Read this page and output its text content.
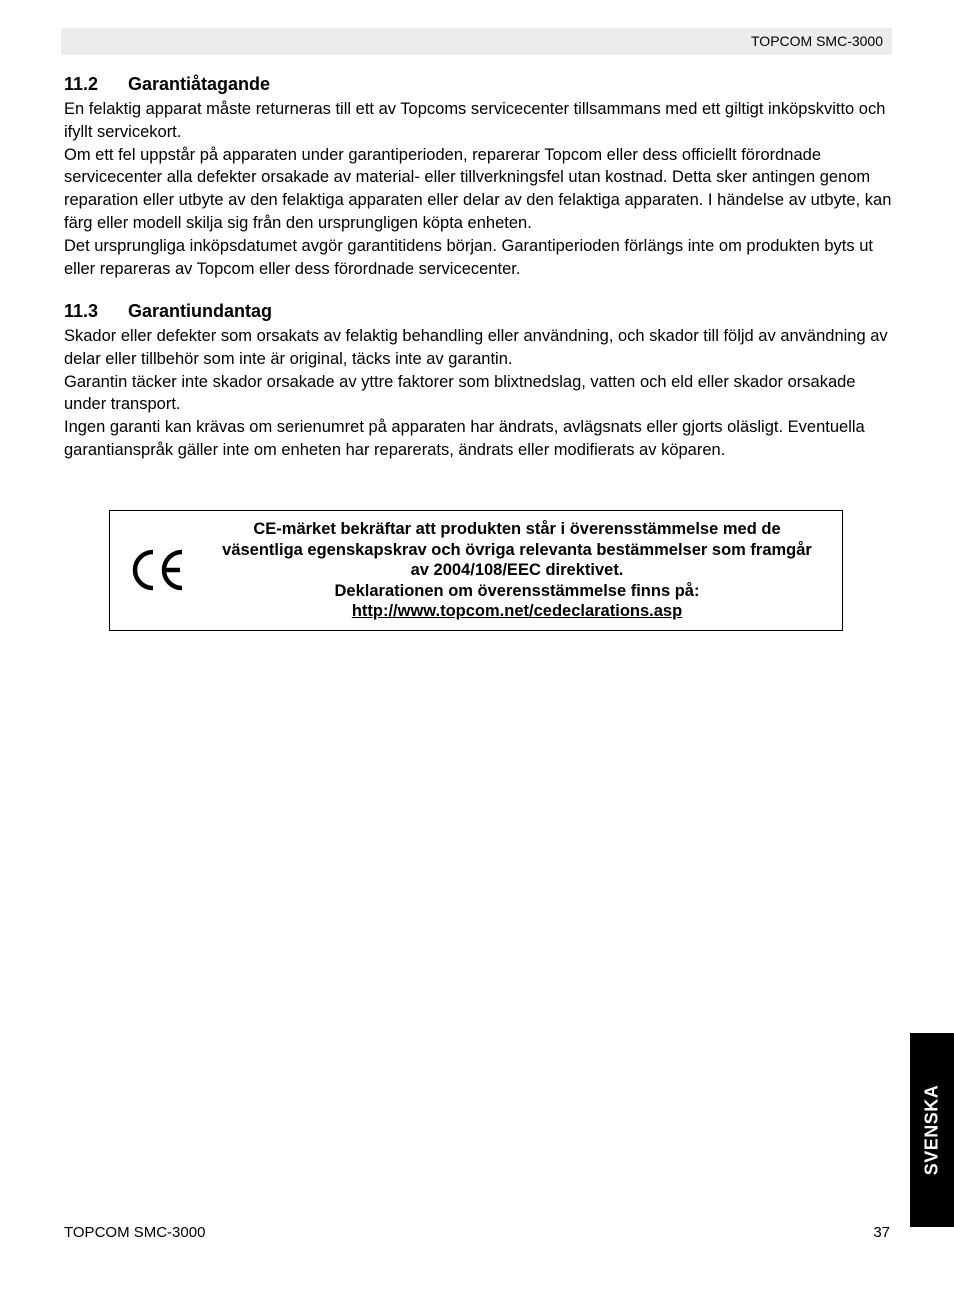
TOPCOM SMC-3000
11.2 Garantiåtagande

En felaktig apparat måste returneras till ett av Topcoms servicecenter tillsammans med ett giltigt inköpskvitto och ifyllt servicekort.

Om ett fel uppstår på apparaten under garantiperioden, reparerar Topcom eller dess officiellt förordnade servicecenter alla defekter orsakade av material- eller tillverkningsfel utan kostnad. Detta sker antingen genom reparation eller utbyte av den felaktiga apparaten eller delar av den felaktiga apparaten. I händelse av utbyte, kan färg eller modell skilja sig från den ursprungligen köpta enheten.

Det ursprungliga inköpsdatumet avgör garantitidens början. Garantiperioden förlängs inte om produkten byts ut eller repareras av Topcom eller dess förordnade servicecenter.

11.3 Garantiundantag

Skador eller defekter som orsakats av felaktig behandling eller användning, och skador till följd av användning av delar eller tillbehör som inte är original, täcks inte av garantin.

Garantin täcker inte skador orsakade av yttre faktorer som blixtnedslag, vatten och eld eller skador orsakade under transport.

Ingen garanti kan krävas om serienumret på apparaten har ändrats, avlägsnats eller gjorts oläsligt. Eventuella garantianspråk gäller inte om enheten har reparerats, ändrats eller modifierats av köparen.

CE-märket bekräftar att produkten står i överensstämmelse med de väsentliga egenskapskrav och övriga relevanta bestämmelser som framgår av 2004/108/EEC direktivet.

Deklarationen om överensstämmelse finns på:

http://www.topcom.net/cedeclarations.asp

SVENSKA
TOPCOM SMC-3000	37
